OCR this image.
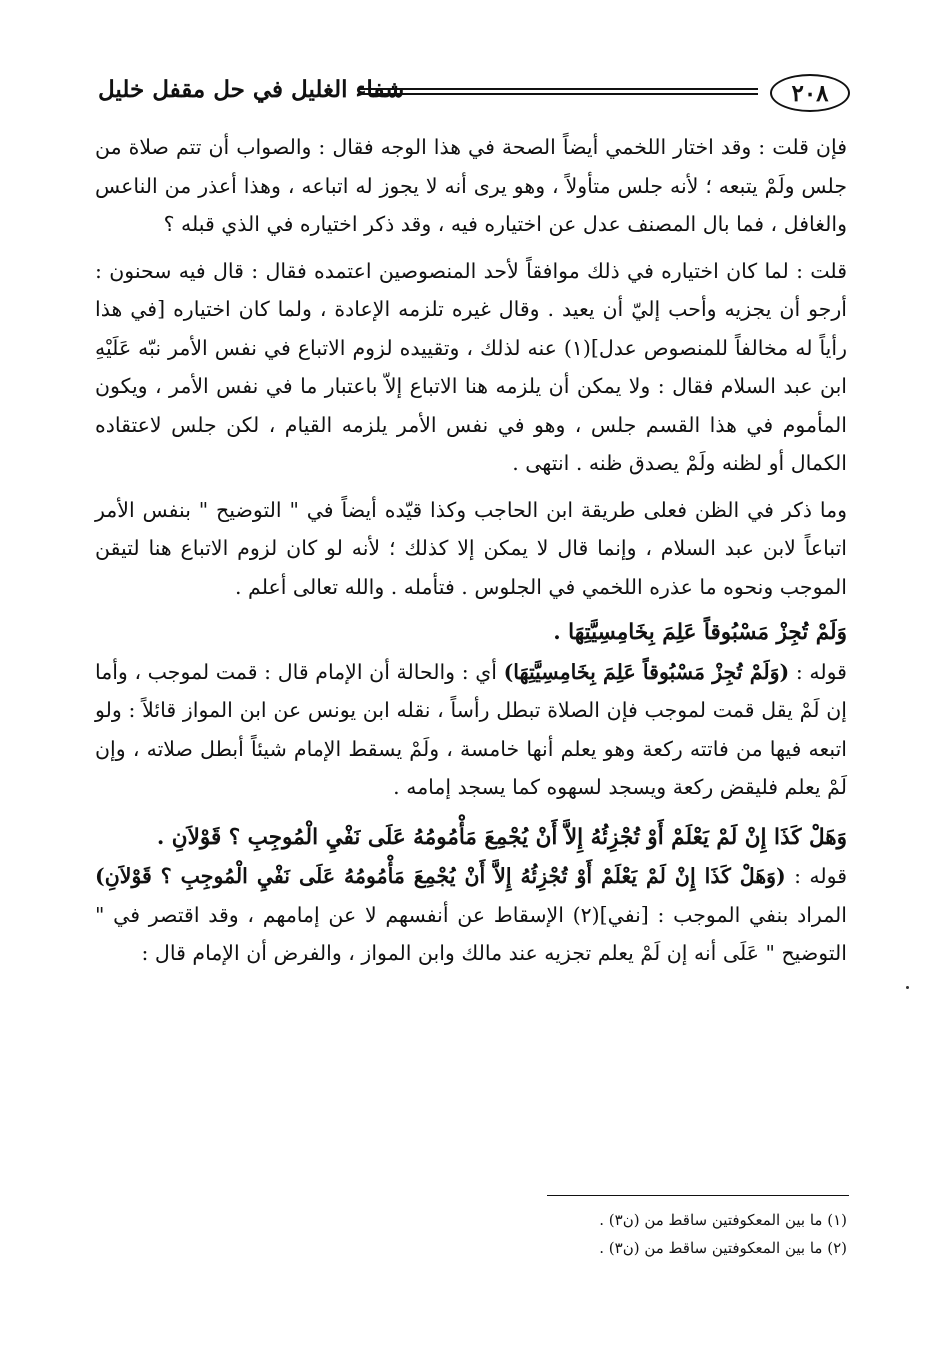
٢٠٨
شفاء الغليل في حل مقفل خليل

فإن قلت : وقد اختار اللخمي أيضاً الصحة في هذا الوجه فقال : والصواب أن تتم صلاة من جلس ولَمْ يتبعه ؛ لأنه جلس متأولاً ، وهو يرى أنه لا يجوز له اتباعه ، وهذا أعذر من الناعس والغافل ، فما بال المصنف عدل عن اختياره فيه ، وقد ذكر اختياره في الذي قبله ؟

قلت : لما كان اختياره في ذلك موافقاً لأحد المنصوصين اعتمده فقال : قال فيه سحنون : أرجو أن يجزيه وأحب إليّ أن يعيد . وقال غيره تلزمه الإعادة ، ولما كان اختياره [في هذا رأياً له مخالفاً للمنصوص عدل](١) عنه لذلك ، وتقييده لزوم الاتباع في نفس الأمر نبّه عَلَيْهِ ابن عبد السلام فقال : ولا يمكن أن يلزمه هنا الاتباع إلاّ باعتبار ما في نفس الأمر ، ويكون المأموم في هذا القسم جلس ، وهو في نفس الأمر يلزمه القيام ، لكن جلس لاعتقاده الكمال أو لظنه ولَمْ يصدق ظنه . انتهى .

وما ذكر في الظن فعلى طريقة ابن الحاجب وكذا قيّده أيضاً في " التوضيح " بنفس الأمر اتباعاً لابن عبد السلام ، وإنما قال لا يمكن إلا كذلك ؛ لأنه لو كان لزوم الاتباع هنا لتيقن الموجب ونحوه ما عذره اللخمي في الجلوس . فتأمله . والله تعالى أعلم .

وَلَمْ تُجِزْ مَسْبُوقاً عَلِمَ بِخَامِسِيَّتِهَا .

قوله : (وَلَمْ تُجِزْ مَسْبُوقاً عَلِمَ بِخَامِسِيَّتِهَا) أي : والحالة أن الإمام قال : قمت لموجب ، وأما إن لَمْ يقل قمت لموجب فإن الصلاة تبطل رأساً ، نقله ابن يونس عن ابن المواز قائلاً : ولو اتبعه فيها من فاتته ركعة وهو يعلم أنها خامسة ، ولَمْ يسقط الإمام شيئاً أبطل صلاته ، وإن لَمْ يعلم فليقض ركعة ويسجد لسهوه كما يسجد إمامه .

وَهَلْ كَذَا إِنْ لَمْ يَعْلَمْ أَوْ تُجْزِئُهُ إِلاَّ أَنْ يُجْمِعَ مَأْمُومُهُ عَلَى نَفْيِ الْمُوجِبِ ؟ قَوْلاَنِ .

قوله : (وَهَلْ كَذَا إِنْ لَمْ يَعْلَمْ أَوْ تُجْزِئُهُ إِلاَّ أَنْ يُجْمِعَ مَأْمُومُهُ عَلَى نَفْيِ الْمُوجِبِ ؟ قَوْلاَنِ) المراد بنفي الموجب : [نفي](٢) الإسقاط عن أنفسهم لا عن إمامهم ، وقد اقتصر في " التوضيح " عَلَى أنه إن لَمْ يعلم تجزيه عند مالك وابن المواز ، والفرض أن الإمام قال :

(١) ما بين المعكوفتين ساقط من (ن٣) .

(٢) ما بين المعكوفتين ساقط من (ن٣) .
